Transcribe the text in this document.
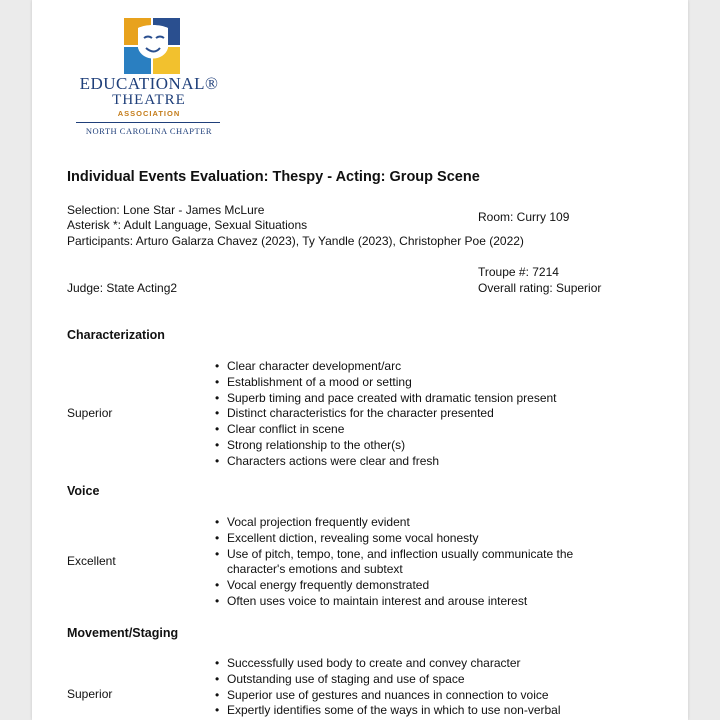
EDUCATIONAL®
THEATRE
ASSOCIATION
NORTH CAROLINA CHAPTER
Individual Events Evaluation: Thespy - Acting: Group Scene
Selection: Lone Star - James McLure
Asterisk *: Adult Language, Sexual Situations
Participants: Arturo Galarza Chavez (2023), Ty Yandle (2023), Christopher Poe (2022)
Room: Curry 109
Troupe #: 7214
Judge: State Acting2	Overall rating: Superior
Characterization
Superior
• Clear character development/arc
• Establishment of a mood or setting
• Superb timing and pace created with dramatic tension present
• Distinct characteristics for the character presented
• Clear conflict in scene
• Strong relationship to the other(s)
• Characters actions were clear and fresh
Voice
Excellent
• Vocal projection frequently evident
• Excellent diction, revealing some vocal honesty
• Use of pitch, tempo, tone, and inflection usually communicate the character's emotions and subtext
• Vocal energy frequently demonstrated
• Often uses voice to maintain interest and arouse interest
Movement/Staging
Superior
• Successfully used body to create and convey character
• Outstanding use of staging and use of space
• Superior use of gestures and nuances in connection to voice
• Expertly identifies some of the ways in which to use non-verbal
